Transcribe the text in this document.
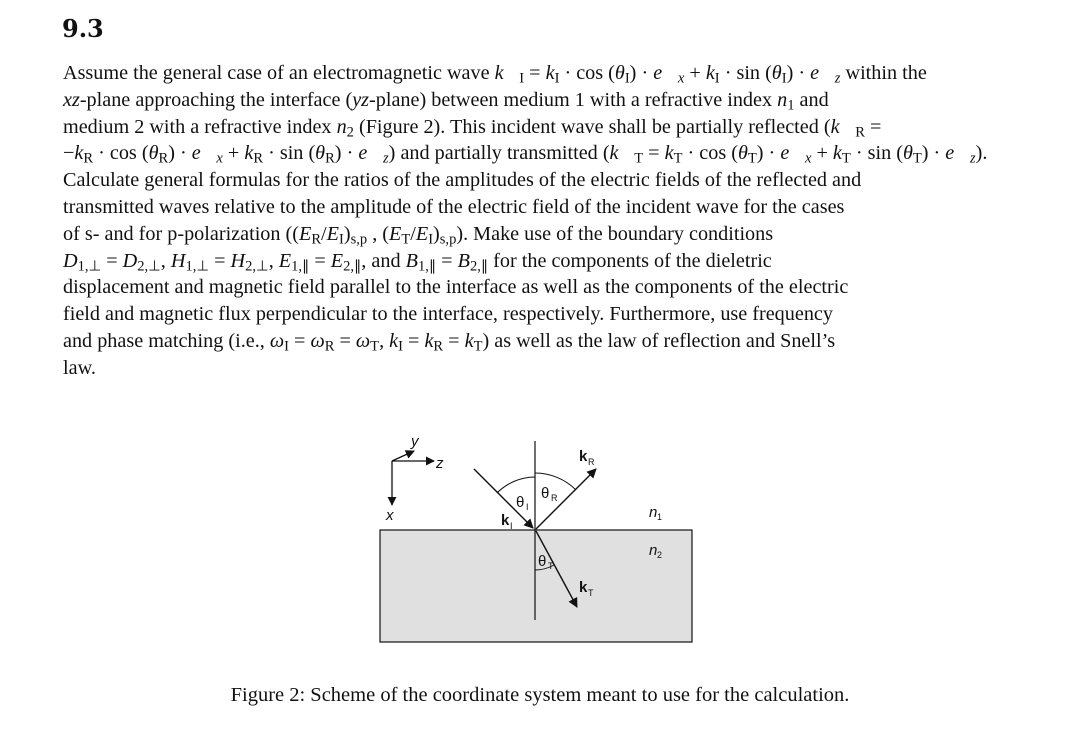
9.3
Assume the general case of an electromagnetic wave $k⃗_I = k_I \cdot \cos (\theta_I)$ · $e⃗_x + k_I \cdot \sin (\theta_I)$ · $e⃗_z$ within the
xz-plane approaching the interface (yz-plane) between medium 1 with a refractive index $n_1$ and
medium 2 with a refractive index $n_2$ (Figure 2). This incident wave shall be partially reflected ($k⃗_R$ =
$-k_R \cdot \cos (\theta_R)$ · $e⃗_x + k_R \cdot \sin (\theta_R)$ · $e⃗_z$) and partially transmitted ($k⃗_T = k_T \cdot \cos (\theta_T)$ · $e⃗_x + k_T \cdot \sin (\theta_T)$ · $e⃗_z$).
Calculate general formulas for the ratios of the amplitudes of the electric fields of the reflected and
transmitted waves relative to the amplitude of the electric field of the incident wave for the cases
of s- and for p-polarization ($(E_R/E_I)_{s,p}$ , $(E_T/E_I)_{s,p}$). Make use of the boundary conditions
$D_{1,\perp} = D_{2,\perp}$, $H_{1,\perp} = H_{2,\perp}$, $E_{1,\parallel} = E_{2,\parallel}$, and $B_{1,\parallel} = B_{2,\parallel}$ for the components of the dieletric
displacement and magnetic field parallel to the interface as well as the components of the electric
field and magnetic flux perpendicular to the interface, respectively. Furthermore, use frequency
and phase matching (i.e., $\omega_I = \omega_R = \omega_T$, $k_I = k_R = k_T$) as well as the law of reflection and Snell’s
law.
y
z
x
θ I
θ R
θ T
k I
k R
k T
n 1
n 2
Figure 2: Scheme of the coordinate system meant to use for the calculation.
